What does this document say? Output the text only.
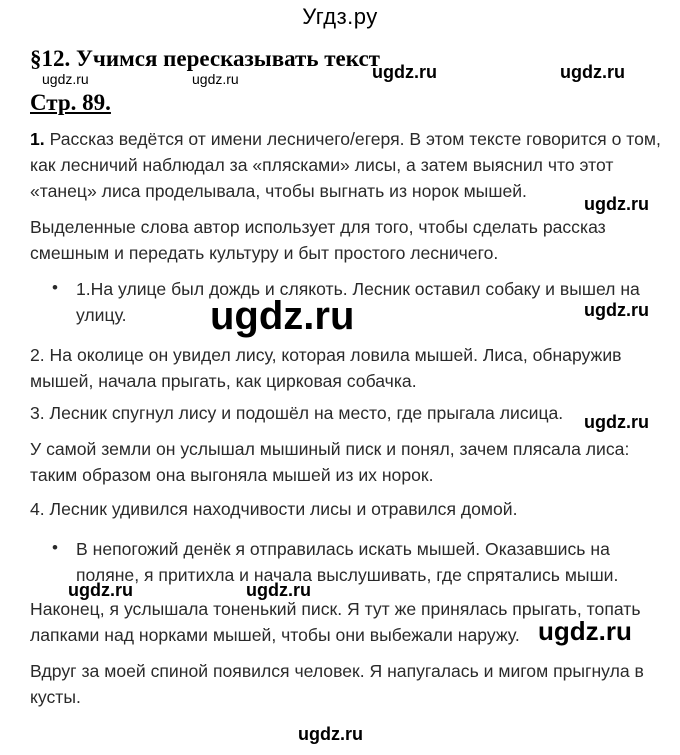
Угдз.ру
§12. Учимся пересказывать текст
Стр. 89.
1. Рассказ ведётся от имени лесничего/егеря. В этом тексте говорится о том, как лесничий наблюдал за «плясками» лисы, а затем выяснил что этот «танец» лиса проделывала, чтобы выгнать из норок мышей.
Выделенные слова автор использует для того, чтобы сделать рассказ смешным и передать культуру и быт простого лесничего.
• 1.На улице был дождь и слякоть. Лесник оставил собаку и вышел на улицу.
2. На околице он увидел лису, которая ловила мышей. Лиса, обнаружив мышей, начала прыгать, как цирковая собачка.
3. Лесник спугнул лису и подошёл на место, где прыгала лисица.
У самой земли он услышал мышиный писк и понял, зачем плясала лиса: таким образом она выгоняла мышей из их норок.
4. Лесник удивился находчивости лисы и отравился домой.
• В непогожий денёк я отправилась искать мышей. Оказавшись на поляне, я притихла и начала выслушивать, где спрятались мыши.
Наконец, я услышала тоненький писк. Я тут же принялась прыгать, топать лапками над норками мышей, чтобы они выбежали наружу.
Вдруг за моей спиной появился человек. Я напугалась и мигом прыгнула в кусты.
ugdz.ru	ugdz.ru	ugdz.ru	ugdz.ru
ugdz.ru
ugdz.ru	ugdz.ru
ugdz.ru
ugdz.ru	ugdz.ru
ugdz.ru
ugdz.ru
